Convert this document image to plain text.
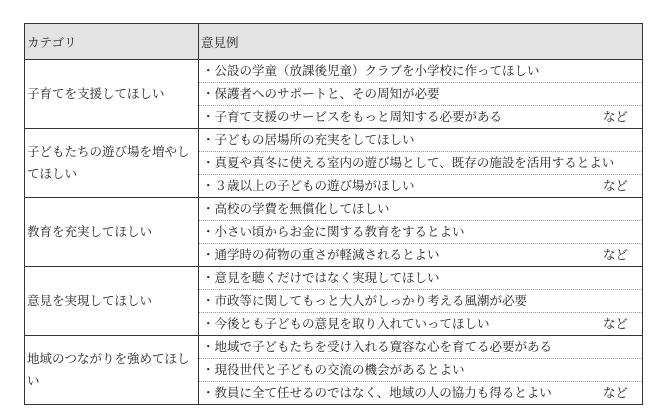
カテゴリ	意見例
子育てを支援してほしい	・公設の学童（放課後児童）クラブを小学校に作ってほしい
・保護者へのサポートと、その周知が必要
・子育て支援のサービスをもっと周知する必要がある など

子どもたちの遊び場を増やしてほしい	・子どもの居場所の充実をしてほしい
・真夏や真冬に使える室内の遊び場として、既存の施設を活用するとよい
・３歳以上の子どもの遊び場がほしい など

教育を充実してほしい	・高校の学費を無償化してほしい
・小さい頃からお金に関する教育をするとよい
・通学時の荷物の重さが軽減されるとよい など

意見を実現してほしい	・意見を聴くだけではなく実現してほしい
・市政等に関してもっと大人がしっかり考える風潮が必要
・今後とも子どもの意見を取り入れていってほしい など

地域のつながりを強めてほしい	・地域で子どもたちを受け入れる寛容な心を育てる必要がある
・現役世代と子どもの交流の機会があるとよい
・教員に全て任せるのではなく、地域の人の協力も得るとよい など
